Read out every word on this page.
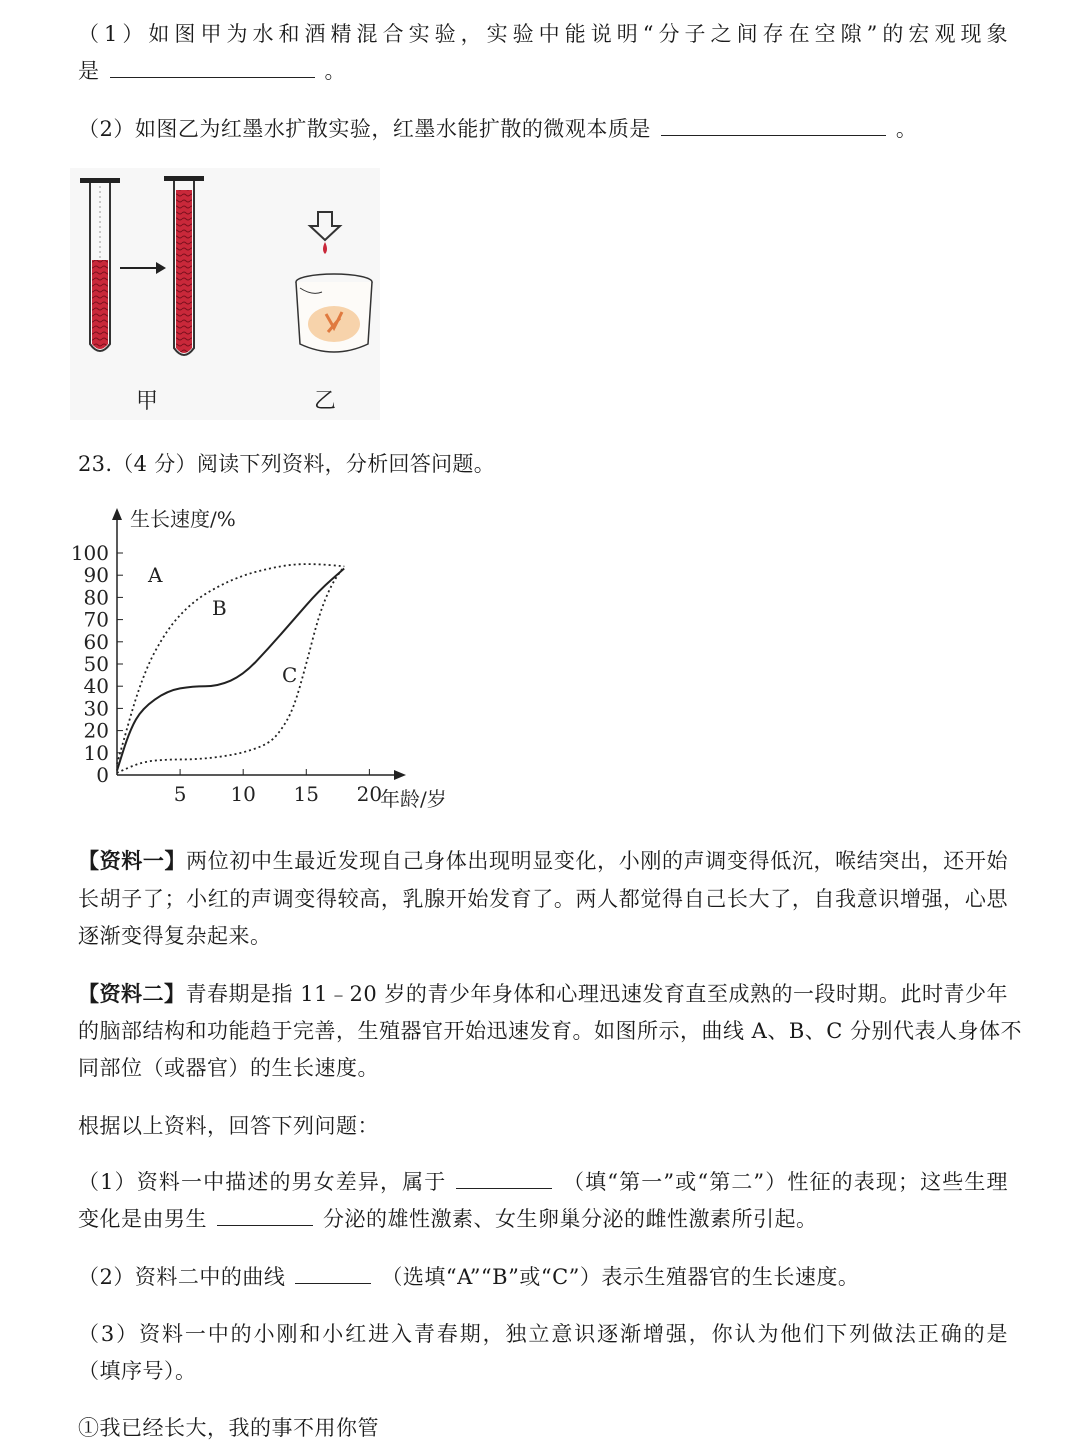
（1）如图甲为水和酒精混合实验，实验中能说明“分子之间存在空隙”的宏观现象
是	。
（2）如图乙为红墨水扩散实验，红墨水能扩散的微观本质是	。
甲	乙
23.（4 分）阅读下列资料，分析回答问题。
0
10
20
30
40
50
60
70
80
90
100
5 10 15 20
A
B
C
生长速度/%
年龄/岁
【资料一】两位初中生最近发现自己身体出现明显变化，小刚的声调变得低沉，喉结突出，还开始
长胡子了；小红的声调变得较高，乳腺开始发育了。两人都觉得自己长大了，自我意识增强，心思
逐渐变得复杂起来。
【资料二】青春期是指 11﹣20 岁的青少年身体和心理迅速发育直至成熟的一段时期。此时青少年
的脑部结构和功能趋于完善，生殖器官开始迅速发育。如图所示，曲线 A、B、C 分别代表人身体不
同部位（或器官）的生长速度。
根据以上资料，回答下列问题：
（1）资料一中描述的男女差异，属于	（填“第一”或“第二”）性征的表现；这些生理
变化是由男生	分泌的雄性激素、女生卵巢分泌的雌性激素所引起。
（2）资料二中的曲线	（选填“A”“B”或“C”）表示生殖器官的生长速度。
（3）资料一中的小刚和小红进入青春期，独立意识逐渐增强，你认为他们下列做法正确的是
（填序号）。
①我已经长大，我的事不用你管
